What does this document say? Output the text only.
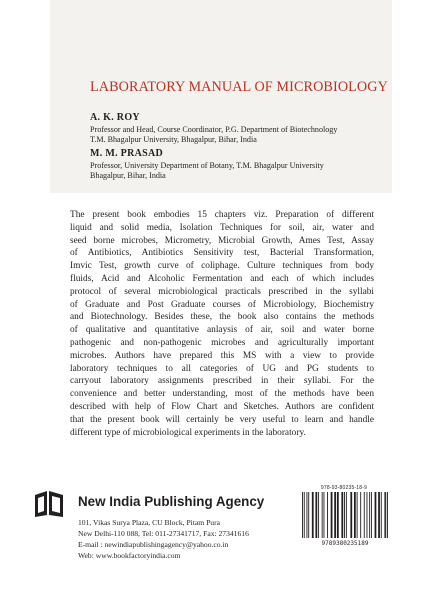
LABORATORY MANUAL OF MICROBIOLOGY
A. K. ROY
Professor and Head, Course Coordinator, P.G. Department of Biotechnology
T.M. Bhagalpur University, Bhagalpur, Bihar, India
M. M. PRASAD
Professor, University Department of Botany, T.M. Bhagalpur University
Bhagalpur, Bihar, India

The present book embodies 15 chapters viz. Preparation of different
liquid and solid media, Isolation Techniques for soil, air, water and
seed borne microbes, Micrometry, Microbial Growth, Ames Test, Assay
of Antibiotics, Antibiotics Sensitivity test, Bacterial Transformation,
Imvic Test, growth curve of coliphage. Culture techniques from body
fluids, Acid and Alcoholic Fermentation and each of which includes
protocol of several microbiological practicals prescribed in the syllabi
of Graduate and Post Graduate courses of Microbiology, Biochemistry
and Biotechnology. Besides these, the book also contains the methods
of qualitative and quantitative anlaysis of air, soil and water borne
pathogenic and non-pathogenic microbes and agriculturally important
microbes. Authors have prepared this MS with a view to provide
laboratory techniques to all categories of UG and PG students to
carryout laboratory assignments prescribed in their syllabi. For the
convenience and better understanding, most of the methods have been
described with help of Flow Chart and Sketches. Authors are confident
that the present book will certainly be very useful to learn and handle
different type of microbiological experiments in the laboratory.

New India Publishing Agency
101, Vikas Surya Plaza, CU Block, Pitam Pura
New Delhi-110 088, Tel: 011-27341717, Fax: 27341616
E-mail : newindiapublishingagency@yahoo.co.in
Web: www.bookfactoryindia.com
978-93-80235-18-9
9789380235189
